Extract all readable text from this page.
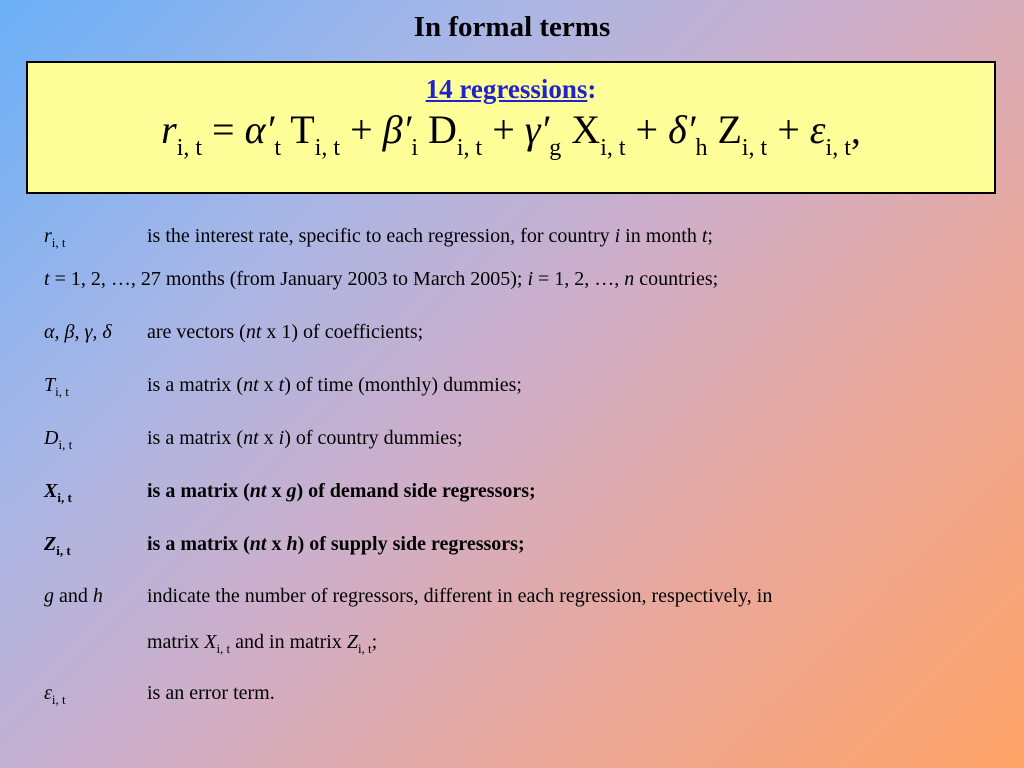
In formal terms
14 regressions:
$r_{i, t} = \alpha'_t$ $T_{i, t} + \beta'_i$ $D_{i, t} + \gamma'_g$ $X_{i, t} + \delta'_h$ $Z_{i, t} + \varepsilon_{i, t}$,
$r_{i, t}$	is the interest rate, specific to each regression, for country i in month t;
t = 1, 2, …, 27 months (from January 2003 to March 2005); i = 1, 2, …, n countries;
α, β, γ, δ are vectors (nt x 1) of coefficients;
$T_{i, t}$	is a matrix (nt x t) of time (monthly) dummies;
$D_{i, t}$	is a matrix (nt x i) of country dummies;
$X_{i, t}$	is a matrix (nt x g) of demand side regressors;
$Z_{i, t}$	is a matrix (nt x h) of supply side regressors;
g and h indicate the number of regressors, different in each regression, respectively, in
matrix $X_{i, t}$ and in matrix $Z_{i, t}$;
$\varepsilon_{i, t}$	is an error term.
